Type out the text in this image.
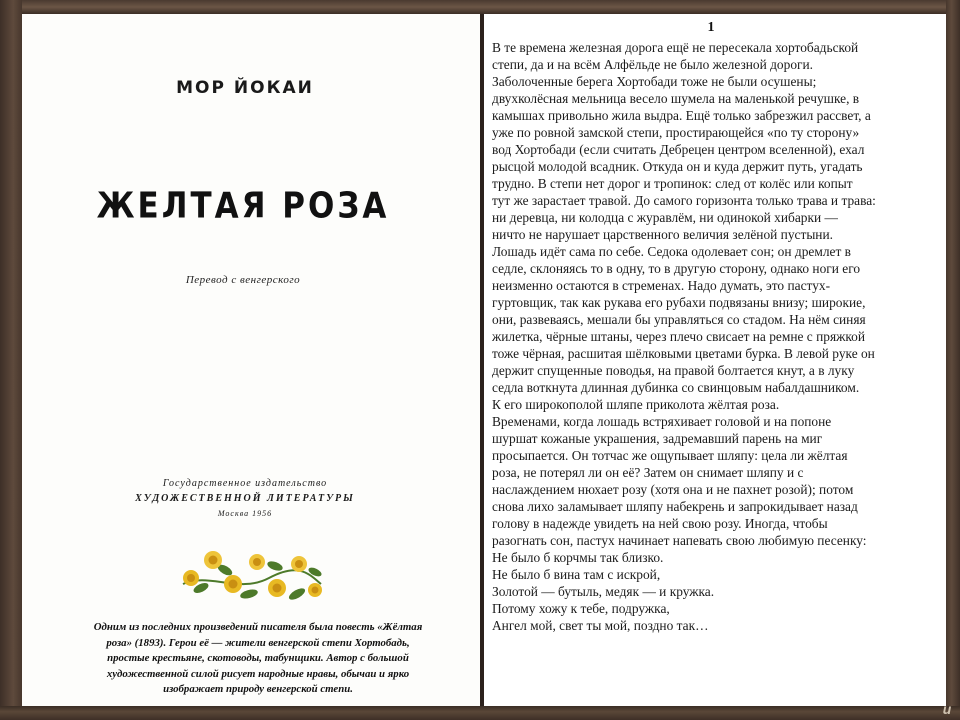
МОР ЙОКАИ
ЖЕЛТАЯ РОЗА
Перевод с венгерского
Государственное издательство
ХУДОЖЕСТВЕННОЙ ЛИТЕРАТУРЫ
Москва 1956
Одним из последних произведений писателя была повесть «Жёлтая
роза» (1893). Герои её — жители венгерской степи Хортобадь,
простые крестьяне, скотоводы, табунщики. Автор с большой
художественной силой рисует народные нравы, обычаи и ярко
изображает природу венгерской степи.
1
В те времена железная дорога ещё не пересекала хортобадьской
степи, да и на всём Алфёльде не было железной дороги.
Заболоченные берега Хортобади тоже не были осушены;
двухколёсная мельница весело шумела на маленькой речушке, в
камышах привольно жила выдра. Ещё только забрезжил рассвет, а
уже по ровной замской степи, простирающейся «по ту сторону»
вод Хортобади (если считать Дебрецен центром вселенной), ехал
рысцой молодой всадник. Откуда он и куда держит путь, угадать
трудно. В степи нет дорог и тропинок: след от колёс или копыт
тут же зарастает травой. До самого горизонта только трава и трава:
ни деревца, ни колодца с журавлём, ни одинокой хибарки —
ничто не нарушает царственного величия зелёной пустыни.
Лошадь идёт сама по себе. Седока одолевает сон; он дремлет в
седле, склоняясь то в одну, то в другую сторону, однако ноги его
неизменно остаются в стременах. Надо думать, это пастух-
гуртовщик, так как рукава его рубахи подвязаны внизу; широкие,
они, развеваясь, мешали бы управляться со стадом. На нём синяя
жилетка, чёрные штаны, через плечо свисает на ремне с пряжкой
тоже чёрная, расшитая шёлковыми цветами бурка. В левой руке он
держит спущенные поводья, на правой болтается кнут, а в луку
седла воткнута длинная дубинка со свинцовым набалдашником.
К его широкополой шляпе приколота жёлтая роза.
Временами, когда лошадь встряхивает головой и на попоне
шуршат кожаные украшения, задремавший парень на миг
просыпается. Он тотчас же ощупывает шляпу: цела ли жёлтая
роза, не потерял ли он её? Затем он снимает шляпу и с
наслаждением нюхает розу (хотя она и не пахнет розой); потом
снова лихо заламывает шляпу набекрень и запрокидывает назад
голову в надежде увидеть на ней свою розу. Иногда, чтобы
разогнать сон, пастух начинает напевать свою любимую песенку:
Не было б корчмы так близко.
Не было б вина там с искрой,
Золотой — бутыль, медяк — и кружка.
Потому хожу к тебе, подружка,
Ангел мой, свет ты мой, поздно так…
и
